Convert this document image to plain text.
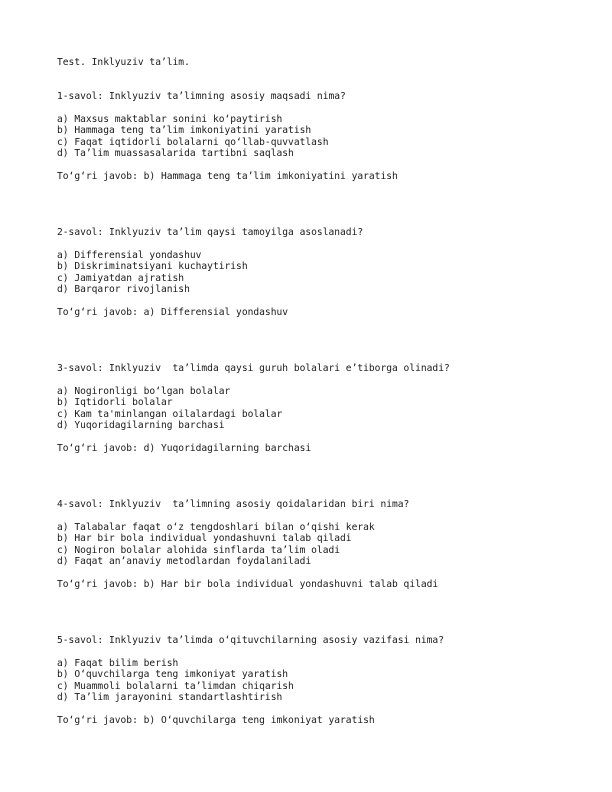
Test. Inklyuziv ta’lim.
1-savol: Inklyuziv ta’limning asosiy maqsadi nima?
a) Maxsus maktablar sonini ko‘paytirish
b) Hammaga teng ta’lim imkoniyatini yaratish
c) Faqat iqtidorli bolalarni qo‘llab-quvvatlash
d) Ta’lim muassasalarida tartibni saqlash
To‘g‘ri javob: b) Hammaga teng ta’lim imkoniyatini yaratish
2-savol: Inklyuziv ta’lim qaysi tamoyilga asoslanadi?
a) Differensial yondashuv
b) Diskriminatsiyani kuchaytirish
c) Jamiyatdan ajratish
d) Barqaror rivojlanish
To‘g‘ri javob: a) Differensial yondashuv
3-savol: Inklyuziv  ta’limda qaysi guruh bolalari e’tiborga olinadi?
a) Nogironligi bo‘lgan bolalar
b) Iqtidorli bolalar
c) Kam ta'minlangan oilalardagi bolalar
d) Yuqoridagilarning barchasi
To‘g‘ri javob: d) Yuqoridagilarning barchasi
4-savol: Inklyuziv  ta’limning asosiy qoidalaridan biri nima?
a) Talabalar faqat o‘z tengdoshlari bilan o‘qishi kerak
b) Har bir bola individual yondashuvni talab qiladi
c) Nogiron bolalar alohida sinflarda ta’lim oladi
d) Faqat an’anaviy metodlardan foydalaniladi
To‘g‘ri javob: b) Har bir bola individual yondashuvni talab qiladi
5-savol: Inklyuziv ta’limda o‘qituvchilarning asosiy vazifasi nima?
a) Faqat bilim berish
b) O‘quvchilarga teng imkoniyat yaratish
c) Muammoli bolalarni ta’limdan chiqarish
d) Ta’lim jarayonini standartlashtirish
To‘g‘ri javob: b) O‘quvchilarga teng imkoniyat yaratish
